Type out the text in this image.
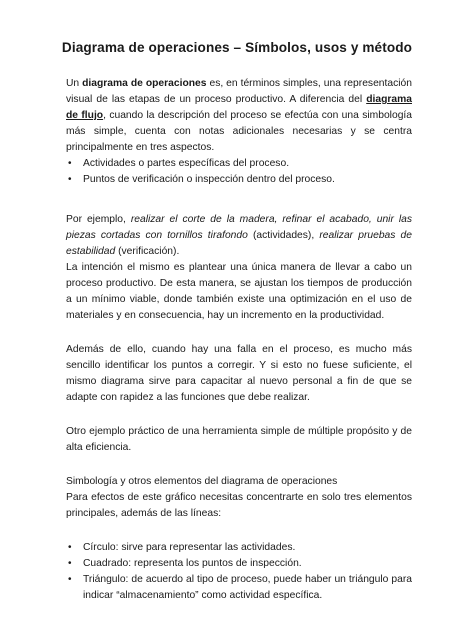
Diagrama de operaciones – Símbolos, usos y método

Un diagrama de operaciones es, en términos simples, una representación visual de las etapas de un proceso productivo. A diferencia del diagrama de flujo, cuando la descripción del proceso se efectúa con una simbología más simple, cuenta con notas adicionales necesarias y se centra principalmente en tres aspectos.

• Actividades o partes específicas del proceso.
• Puntos de verificación o inspección dentro del proceso.

Por ejemplo, realizar el corte de la madera, refinar el acabado, unir las piezas cortadas con tornillos tirafondo (actividades), realizar pruebas de estabilidad (verificación).

La intención el mismo es plantear una única manera de llevar a cabo un proceso productivo. De esta manera, se ajustan los tiempos de producción a un mínimo viable, donde también existe una optimización en el uso de materiales y en consecuencia, hay un incremento en la productividad.

Además de ello, cuando hay una falla en el proceso, es mucho más sencillo identificar los puntos a corregir. Y si esto no fuese suficiente, el mismo diagrama sirve para capacitar al nuevo personal a fin de que se adapte con rapidez a las funciones que debe realizar.

Otro ejemplo práctico de una herramienta simple de múltiple propósito y de alta eficiencia.

Simbología y otros elementos del diagrama de operaciones

Para efectos de este gráfico necesitas concentrarte en solo tres elementos principales, además de las líneas:

• Círculo: sirve para representar las actividades.
• Cuadrado: representa los puntos de inspección.
• Triángulo: de acuerdo al tipo de proceso, puede haber un triángulo para indicar “almacenamiento” como actividad específica.
